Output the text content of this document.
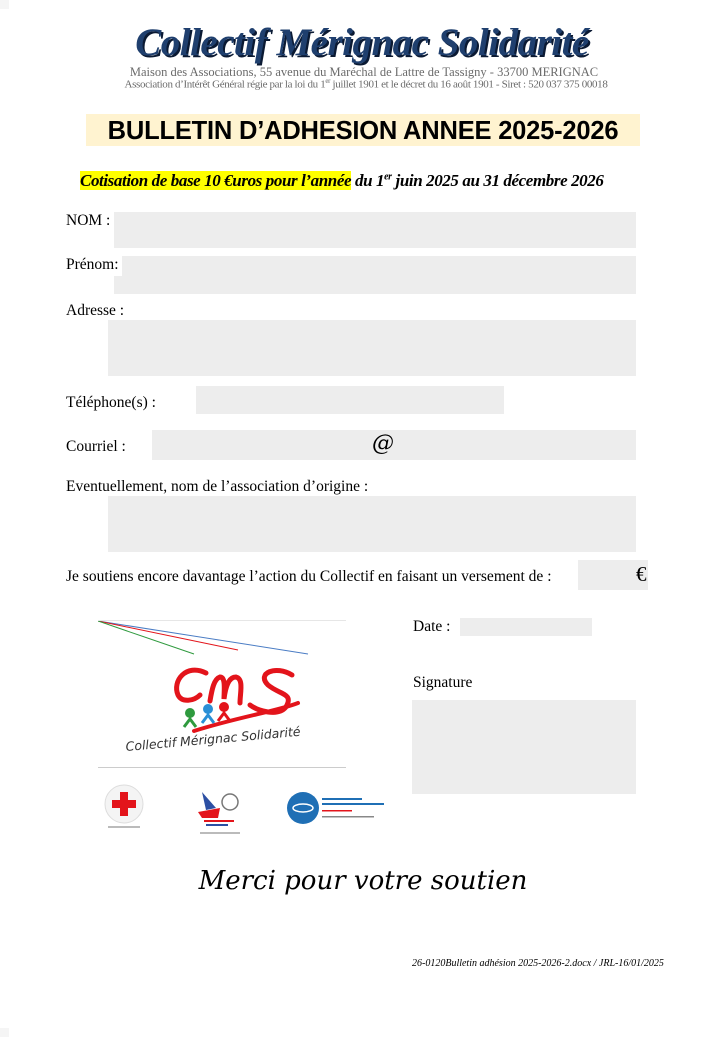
Collectif Mérignac Solidarité
Maison des Associations, 55 avenue du Maréchal de Lattre de Tassigny - 33700 MERIGNAC
Association d’Intérêt Général régie par la loi du 1er juillet 1901 et le décret du 16 août 1901 - Siret : 520 037 375 00018
BULLETIN D’ADHESION ANNEE 2025-2026
Cotisation de base 10 €uros pour l’année du 1er juin 2025 au 31 décembre 2026
NOM :
Prénom:
Adresse :
Téléphone(s) :
Courriel :	@
Eventuellement, nom de l’association d’origine :
Je soutiens encore davantage l’action du Collectif en faisant un versement de :	€
Collectif Mérignac Solidarité
Date :
Signature
Merci pour votre soutien
26-0120Bulletin adhésion 2025-2026-2.docx / JRL-16/01/2025
